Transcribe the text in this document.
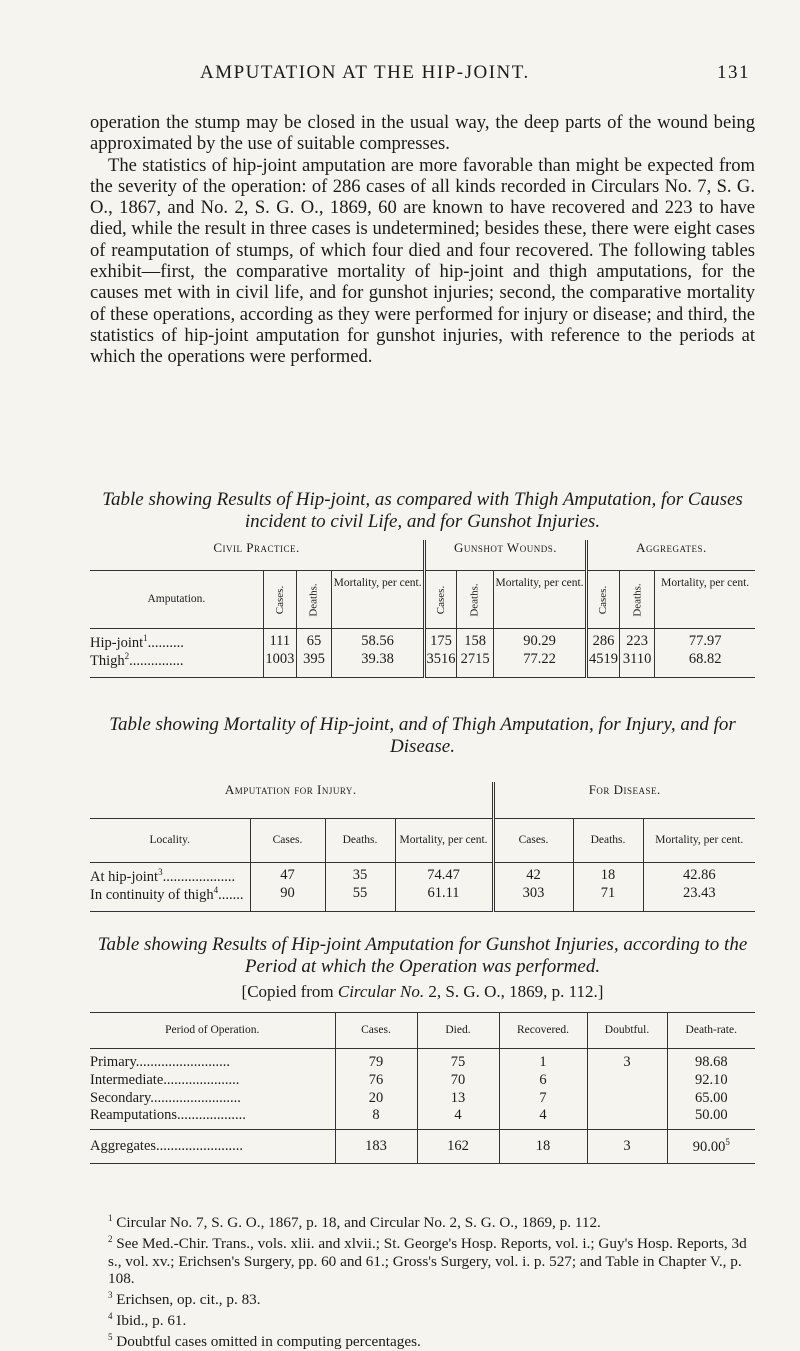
AMPUTATION AT THE HIP-JOINT.	131

operation the stump may be closed in the usual way, the deep parts of the wound being approximated by the use of suitable compresses.

The statistics of hip-joint amputation are more favorable than might be expected from the severity of the operation: of 286 cases of all kinds recorded in Circulars No. 7, S. G. O., 1867, and No. 2, S. G. O., 1869, 60 are known to have recovered and 223 to have died, while the result in three cases is undetermined; besides these, there were eight cases of reamputation of stumps, of which four died and four recovered. The following tables exhibit—first, the comparative mortality of hip-joint and thigh amputations, for the causes met with in civil life, and for gunshot injuries; second, the comparative mortality of these operations, according as they were performed for injury or disease; and third, the statistics of hip-joint amputation for gunshot injuries, with reference to the periods at which the operations were performed.

Table showing Results of Hip-joint, as compared with Thigh Amputation, for Causes incident to civil Life, and for Gunshot Injuries.
Civil Practice.				Gunshot Wounds.			Aggregates.		
Amputation.	Cases.	Deaths.	Mortality, per cent.	Cases.	Deaths.	Mortality, per cent.	Cases.	Deaths.	Mortality, per cent.
Hip-joint$^1$..........	111	65	58.56	175	158	90.29	286	223	77.97
Thigh$^2$...............	1003	395	39.38	3516	2715	77.22	4519	3110	68.82
Table showing Mortality of Hip-joint, and of Thigh Amputation, for Injury, and for Disease.
Amputation for Injury.				For Disease.		
Locality.	Cases.	Deaths.	Mortality, per cent.	Cases.	Deaths.	Mortality, per cent.
At hip-joint$^3$....................	47	35	74.47	42	18	42.86
In continuity of thigh$^4$.......	90	55	61.11	303	71	23.43
Table showing Results of Hip-joint Amputation for Gunshot Injuries, according to the Period at which the Operation was performed.
[Copied from Circular No. 2, S. G. O., 1869, p. 112.]
Period of Operation.	Cases.	Died.	Recovered.	Doubtful.	Death-rate.
Primary..........................	79	75	1	3	98.68
Intermediate.....................	76	70	6		92.10
Secondary.........................	20	13	7		65.00
Reamputations...................	8	4	4		50.00
Aggregates........................	183	162	18	3	90.00$^5$
$^1$ Circular No. 7, S. G. O., 1867, p. 18, and Circular No. 2, S. G. O., 1869, p. 112.
$^2$ See Med.-Chir. Trans., vols. xlii. and xlvii.; St. George's Hosp. Reports, vol. i.; Guy's Hosp. Reports, 3d s., vol. xv.; Erichsen's Surgery, pp. 60 and 61.; Gross's Surgery, vol. i. p. 527; and Table in Chapter V., p. 108.
$^3$ Erichsen, op. cit., p. 83.
$^4$ Ibid., p. 61.
$^5$ Doubtful cases omitted in computing percentages.
